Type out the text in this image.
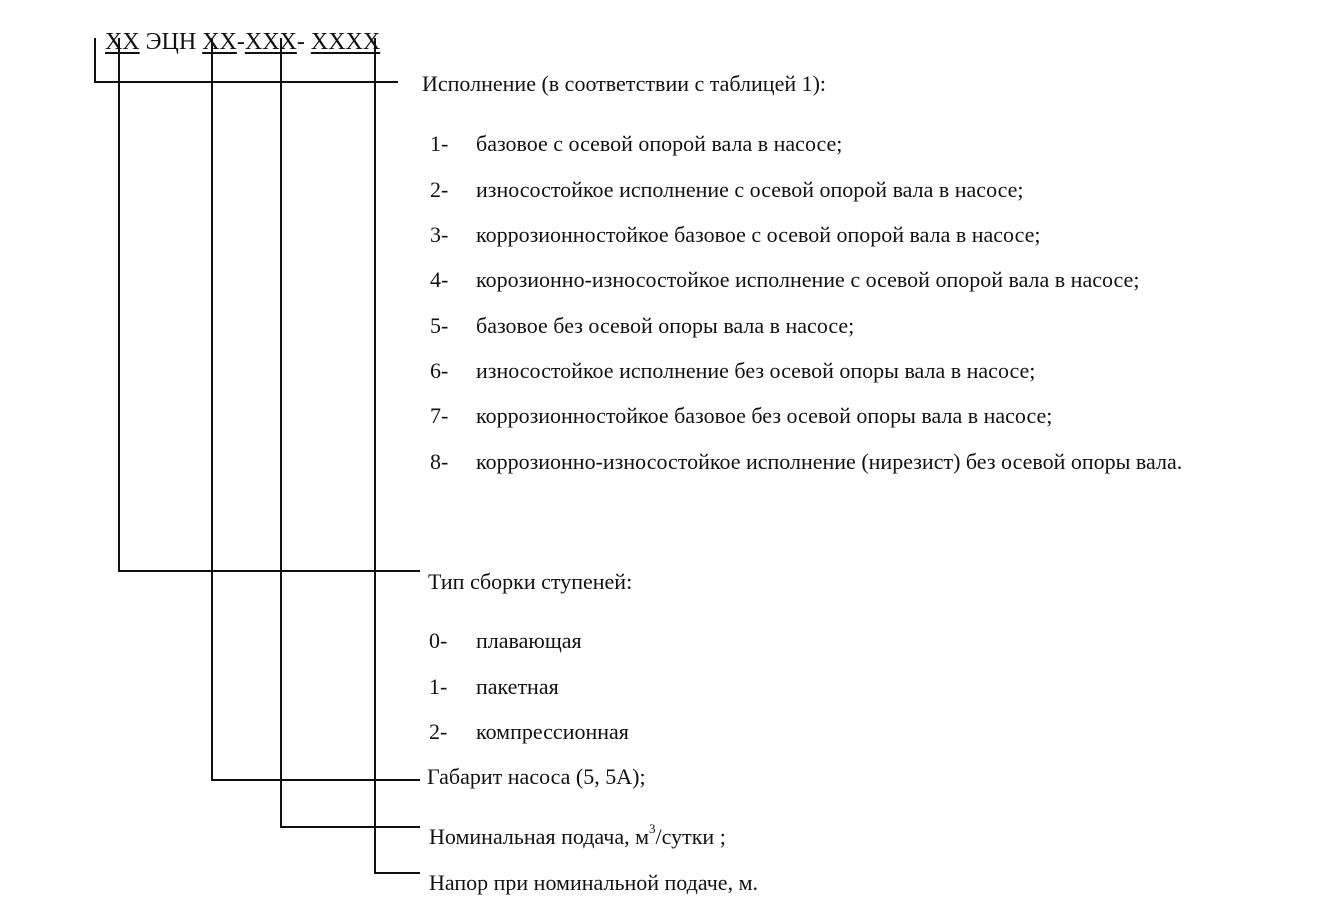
XX ЭЦН XX-XXX- XXXX

Исполнение (в соответствии с таблицей 1):
1- базовое с осевой опорой вала в насосе;
2- износостойкое исполнение с осевой опорой вала в насосе;
3- коррозионностойкое базовое с осевой опорой вала в насосе;
4- корозионно-износостойкое исполнение с осевой опорой вала в насосе;
5- базовое без осевой опоры вала в насосе;
6- износостойкое исполнение без осевой опоры вала в насосе;
7- коррозионностойкое базовое без осевой опоры вала в насосе;
8- коррозионно-износостойкое исполнение (нирезист) без осевой опоры вала.
Тип сборки ступеней:
0- плавающая
1- пакетная
2- компрессионная
Габарит насоса (5, 5А);
Номинальная подача, $м^3$/сутки ;
Напор при номинальной подаче, м.
